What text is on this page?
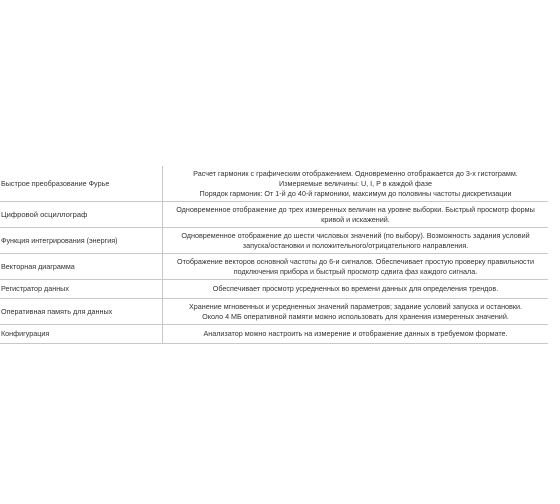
Быстрое преобразование Фурье	Расчет гармоник с графическим отображением. Одновременно отображается до 3-х гистограмм.
Измеряемые величины: U, I, P в каждой фазе
Порядок гармоник: От 1-й до 40-й гармоники, максимум до половины частоты дискретизации

Цифровой осциллограф	Одновременное отображение до трех измеренных величин на уровне выборки. Быстрый просмотр формы кривой и искажений.

Функция интегрирования (энергия)	Одновременное отображение до шести числовых значений (по выбору). Возможность задания условий запуска/остановки и положительного/отрицательного направления.

Векторная диаграмма	Отображение векторов основной частоты до 6-и сигналов. Обеспечивает простую проверку правильности подключения прибора и быстрый просмотр сдвига фаз каждого сигнала.

Регистратор данных	Обеспечивает просмотр усредненных во времени данных для определения трендов.

Оперативная память для данных	Хранение мгновенных и усредненных значений параметров; задание условий запуска и остановки.
Около 4 МБ оперативной памяти можно использовать для хранения измеренных значений.

Конфигурация	Анализатор можно настроить на измерение и отображение данных в требуемом формате.
